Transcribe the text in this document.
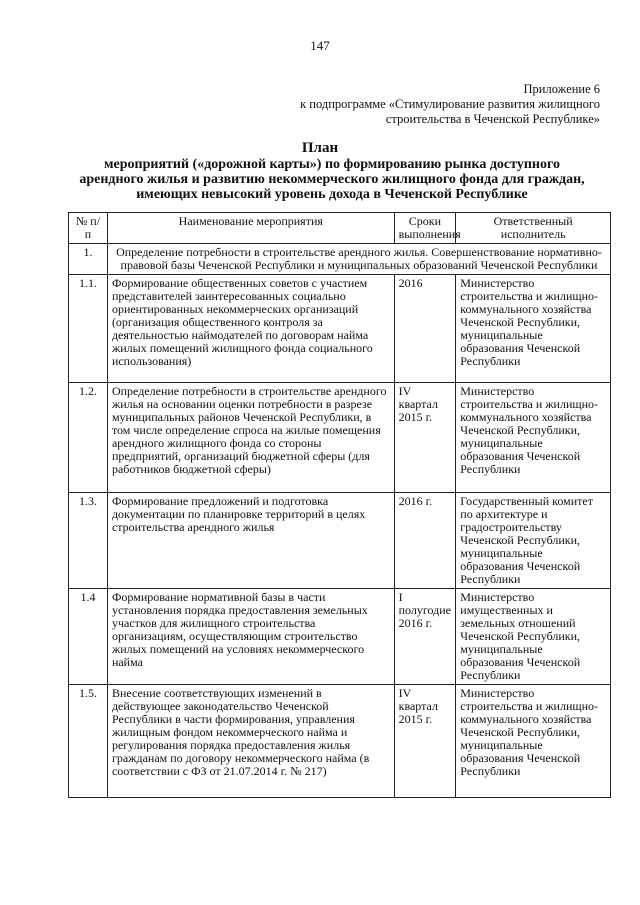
147
Приложение 6
к подпрограмме «Стимулирование развития жилищного строительства в Чеченской Республике»
План
мероприятий («дорожной карты») по формированию рынка доступного арендного жилья и развитию некоммерческого жилищного фонда для граждан, имеющих невысокий уровень дохода в Чеченской Республике
№ п/п	Наименование мероприятия	Сроки выполнения	Ответственный исполнитель
1.	Определение потребности в строительстве арендного жилья. Совершенствование нормативно-правовой базы Чеченской Республики и муниципальных образований Чеченской Республики		
1.1.	Формирование общественных советов с участием представителей заинтересованных социально ориентированных некоммерческих организаций (организация общественного контроля за деятельностью наймодателей по договорам найма жилых помещений жилищного фонда социального использования)	2016	Министерство строительства и жилищно-коммунального хозяйства Чеченской Республики, муниципальные образования Чеченской Республики
1.2.	Определение потребности в строительстве арендного жилья на основании оценки потребности в разрезе муниципальных районов Чеченской Республики, в том числе определение спроса на жилые помещения арендного жилищного фонда со стороны предприятий, организаций бюджетной сферы (для работников бюджетной сферы)	IV квартал 2015 г.	Министерство строительства и жилищно-коммунального хозяйства Чеченской Республики, муниципальные образования Чеченской Республики
1.3.	Формирование предложений и подготовка документации по планировке территорий в целях строительства арендного жилья	2016 г.	Государственный комитет по архитектуре и градостроительству Чеченской Республики, муниципальные образования Чеченской Республики
1.4	Формирование нормативной базы в части установления порядка предоставления земельных участков для жилищного строительства организациям, осуществляющим строительство жилых помещений на условиях некоммерческого найма	I полугодие 2016 г.	Министерство имущественных и земельных отношений Чеченской Республики, муниципальные образования Чеченской Республики
1.5.	Внесение соответствующих изменений в действующее законодательство Чеченской Республики в части формирования, управления жилищным фондом некоммерческого найма и регулирования порядка предоставления жилья гражданам по договору некоммерческого найма (в соответствии с ФЗ от 21.07.2014 г. № 217)	IV квартал 2015 г.	Министерство строительства и жилищно-коммунального хозяйства Чеченской Республики, муниципальные образования Чеченской Республики
